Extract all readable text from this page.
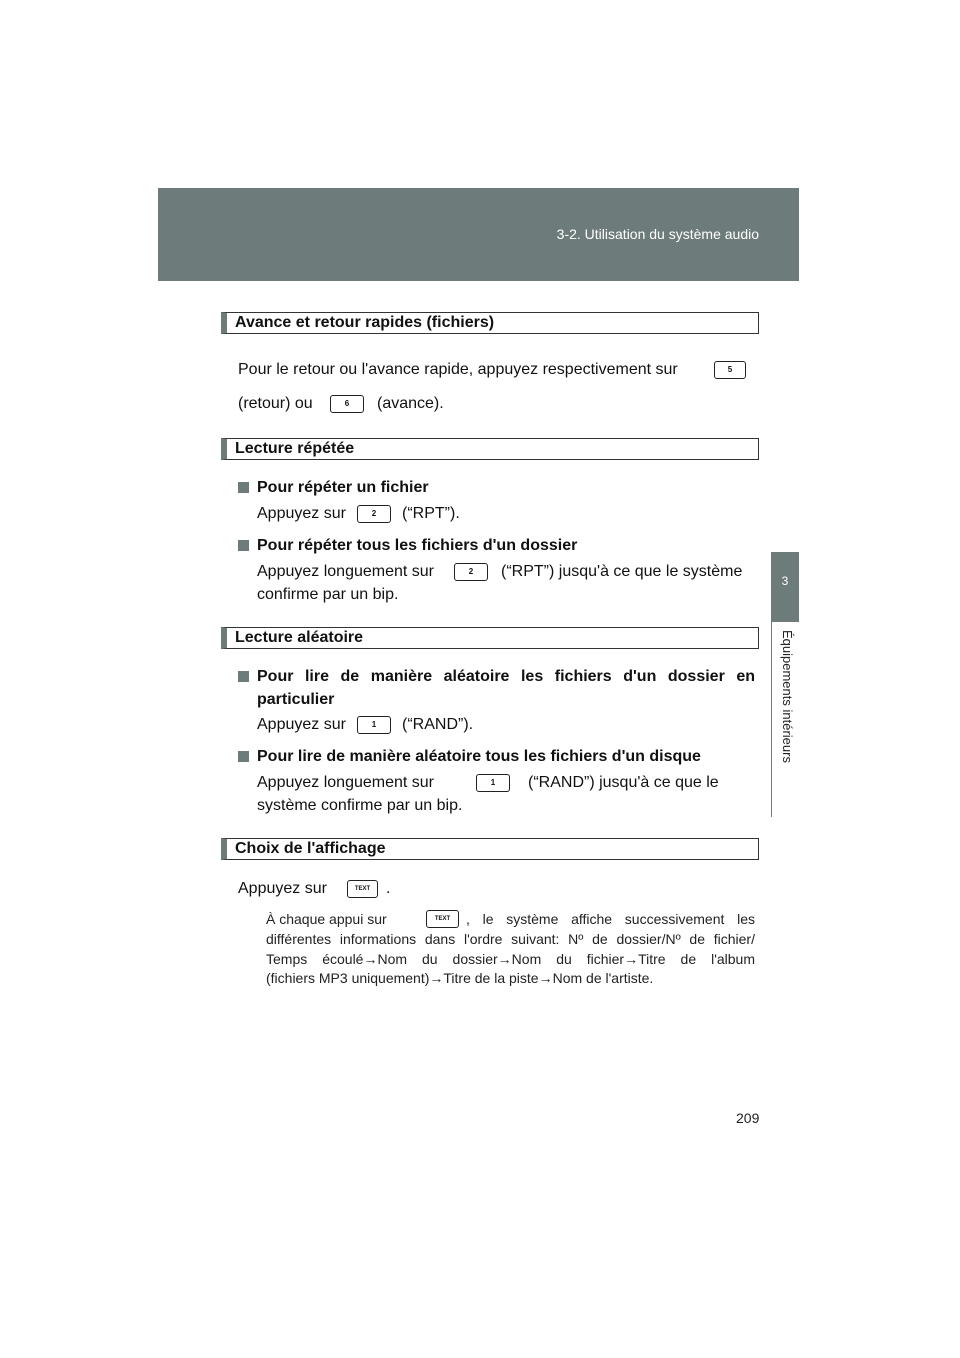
3-2. Utilisation du système audio
3
Équipements intérieurs
Avance et retour rapides (fichiers)
Pour le retour ou l'avance rapide, appuyez respectivement sur	5
(retour) ou	6	(avance).
Lecture répétée
Pour répéter un fichier
Appuyez sur	2	(“RPT”).
Pour répéter tous les fichiers d'un dossier
Appuyez longuement sur	2	(“RPT”) jusqu'à ce que le système
confirme par un bip.
Lecture aléatoire
Pour lire de manière aléatoire les fichiers d'un dossier en
particulier
Appuyez sur	1	(“RAND”).
Pour lire de manière aléatoire tous les fichiers d'un disque
Appuyez longuement sur	1	(“RAND”) jusqu'à ce que le
système confirme par un bip.
Choix de l'affichage
Appuyez sur	TEXT .
À chaque appui sur	TEXT	, le système affiche successivement les
différentes informations dans l'ordre suivant: Nº de dossier/Nº de fichier/
Temps écoulé→Nom du dossier→Nom du fichier→Titre de l'album
(fichiers MP3 uniquement)→Titre de la piste→Nom de l'artiste.
209
